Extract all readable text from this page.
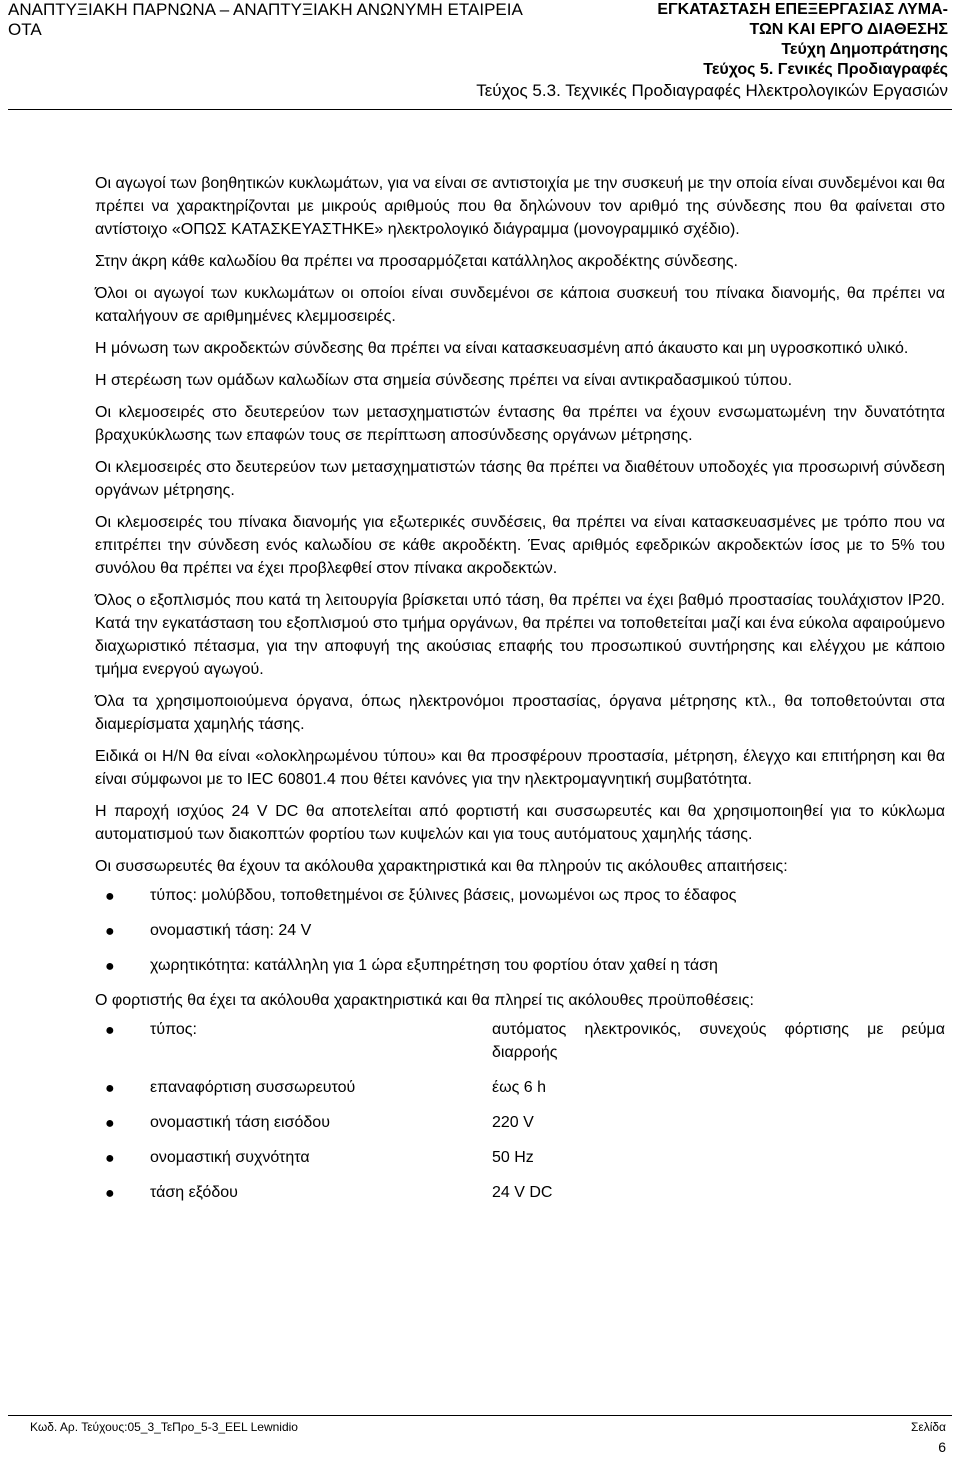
ΑΝΑΠΤΥΞΙΑΚΗ ΠΑΡΝΩΝΑ – ΑΝΑΠΤΥΞΙΑΚΗ ΑΝΩΝΥΜΗ ΕΤΑΙΡΕΙΑ
ΟΤΑ
ΕΓΚΑΤΑΣΤΑΣΗ ΕΠΕΞΕΡΓΑΣΙΑΣ ΛΥΜΑ-
ΤΩΝ ΚΑΙ ΕΡΓΟ ΔΙΑΘΕΣΗΣ
Τεύχη Δημοπράτησης
Τεύχος 5. Γενικές Προδιαγραφές
Τεύχος 5.3. Τεχνικές Προδιαγραφές Ηλεκτρολογικών Εργασιών

Οι αγωγοί των βοηθητικών κυκλωμάτων, για να είναι σε αντιστοιχία με την συσκευή με την οποία είναι συνδεμένοι και θα πρέπει να χαρακτηρίζονται με μικρούς αριθμούς που θα δηλώνουν τον αριθμό της σύνδεσης που θα φαίνεται στο αντίστοιχο «ΟΠΩΣ ΚΑΤΑΣΚΕΥΑΣΤΗΚΕ» ηλεκτρολογικό διάγραμμα (μονογραμμικό σχέδιο).

Στην άκρη κάθε καλωδίου θα πρέπει να προσαρμόζεται κατάλληλος ακροδέκτης σύνδεσης.

Όλοι οι αγωγοί των κυκλωμάτων οι οποίοι είναι συνδεμένοι σε κάποια συσκευή του πίνακα διανομής, θα πρέπει να καταλήγουν σε αριθμημένες κλεμμοσειρές.

Η μόνωση των ακροδεκτών σύνδεσης θα πρέπει να είναι κατασκευασμένη από άκαυστο και μη υγροσκοπικό υλικό.

Η στερέωση των ομάδων καλωδίων στα σημεία σύνδεσης πρέπει να είναι αντικραδασμικού τύπου.

Οι κλεμοσειρές στο δευτερεύον των μετασχηματιστών έντασης θα πρέπει να έχουν ενσωματωμένη την δυνατότητα βραχυκύκλωσης των επαφών τους σε περίπτωση αποσύνδεσης οργάνων μέτρησης.

Οι κλεμοσειρές στο δευτερεύον των μετασχηματιστών τάσης θα πρέπει να διαθέτουν υποδοχές για προσωρινή σύνδεση οργάνων μέτρησης.

Οι κλεμοσειρές του πίνακα διανομής για εξωτερικές συνδέσεις, θα πρέπει να είναι κατασκευασμένες με τρόπο που να επιτρέπει την σύνδεση ενός καλωδίου σε κάθε ακροδέκτη. Ένας αριθμός εφεδρικών ακροδεκτών ίσος με το 5% του συνόλου θα πρέπει να έχει προβλεφθεί στον πίνακα ακροδεκτών.

Όλος ο εξοπλισμός που κατά τη λειτουργία βρίσκεται υπό τάση, θα πρέπει να έχει βαθμό προστασίας τουλάχιστον IP20. Κατά την εγκατάσταση του εξοπλισμού στο τμήμα οργάνων, θα πρέπει να τοποθετείται μαζί και ένα εύκολα αφαιρούμενο διαχωριστικό πέτασμα, για την αποφυγή της ακούσιας επαφής του προσωπικού συντήρησης και ελέγχου με κάποιο τμήμα ενεργού αγωγού.

Όλα τα χρησιμοποιούμενα όργανα, όπως ηλεκτρονόμοι προστασίας, όργανα μέτρησης κτλ., θα τοποθετούνται στα διαμερίσματα χαμηλής τάσης.

Ειδικά οι Η/Ν θα είναι «ολοκληρωμένου τύπου» και θα προσφέρουν προστασία, μέτρηση, έλεγχο και επιτήρηση και θα είναι σύμφωνοι με το IEC 60801.4 που θέτει κανόνες για την ηλεκτρομαγνητική συμβατότητα.

Η παροχή ισχύος 24 V DC θα αποτελείται από φορτιστή και συσσωρευτές και θα χρησιμοποιηθεί για το κύκλωμα αυτοματισμού των διακοπτών φορτίου των κυψελών και για τους αυτόματους χαμηλής τάσης.

Οι συσσωρευτές θα έχουν τα ακόλουθα χαρακτηριστικά και θα πληρούν τις ακόλουθες απαιτήσεις:

● τύπος: μολύβδου, τοποθετημένοι σε ξύλινες βάσεις, μονωμένοι ως προς το έδαφος
● ονομαστική τάση: 24 V
● χωρητικότητα: κατάλληλη για 1 ώρα εξυπηρέτηση του φορτίου όταν χαθεί η τάση

Ο φορτιστής θα έχει τα ακόλουθα χαρακτηριστικά και θα πληρεί τις ακόλουθες προϋποθέσεις:

● τύπος:	αυτόματος ηλεκτρονικός, συνεχούς φόρτισης με ρεύμα διαρροής
● επαναφόρτιση συσσωρευτού	έως 6 h
● ονομαστική τάση εισόδου	220 V
● ονομαστική συχνότητα	50 Hz
● τάση εξόδου	24 V DC
Κωδ. Αρ. Τεύχους:05_3_ΤεΠρο_5-3_EEL Lewnidio	Σελίδα
6
